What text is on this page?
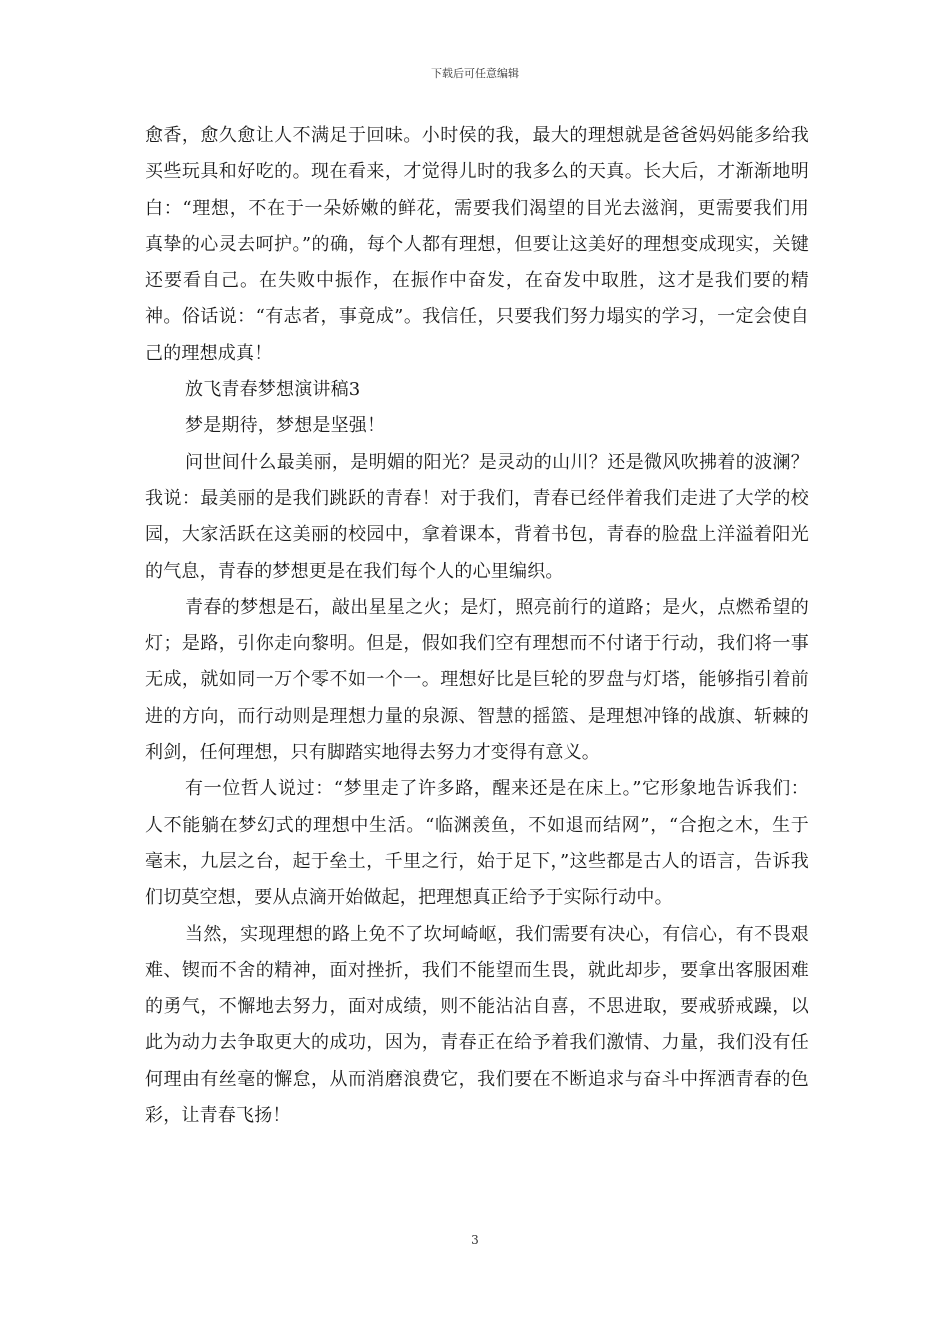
下载后可任意编辑

愈香，愈久愈让人不满足于回味。小时侯的我，最大的理想就是爸爸妈妈能多给我买些玩具和好吃的。现在看来，才觉得儿时的我多么的天真。长大后，才渐渐地明白：“理想，不在于一朵娇嫩的鲜花，需要我们渴望的目光去滋润，更需要我们用真挚的心灵去呵护。”的确，每个人都有理想，但要让这美好的理想变成现实，关键还要看自己。在失败中振作，在振作中奋发，在奋发中取胜，这才是我们要的精神。俗话说：“有志者，事竟成”。我信任，只要我们努力塌实的学习，一定会使自己的理想成真！

放飞青春梦想演讲稿3

梦是期待，梦想是坚强！

问世间什么最美丽，是明媚的阳光？是灵动的山川？还是微风吹拂着的波澜？我说：最美丽的是我们跳跃的青春！对于我们，青春已经伴着我们走进了大学的校园，大家活跃在这美丽的校园中，拿着课本，背着书包，青春的脸盘上洋溢着阳光的气息，青春的梦想更是在我们每个人的心里编织。

青春的梦想是石，敲出星星之火；是灯，照亮前行的道路；是火，点燃希望的灯；是路，引你走向黎明。但是，假如我们空有理想而不付诸于行动，我们将一事无成，就如同一万个零不如一个一。理想好比是巨轮的罗盘与灯塔，能够指引着前进的方向，而行动则是理想力量的泉源、智慧的摇篮、是理想冲锋的战旗、斩棘的利剑，任何理想，只有脚踏实地得去努力才变得有意义。

有一位哲人说过：“梦里走了许多路，醒来还是在床上。”它形象地告诉我们：人不能躺在梦幻式的理想中生活。“临渊羡鱼，不如退而结网”，“合抱之木，生于毫末，九层之台，起于垒土，千里之行，始于足下，”这些都是古人的语言，告诉我们切莫空想，要从点滴开始做起，把理想真正给予于实际行动中。

当然，实现理想的路上免不了坎坷崎岖，我们需要有决心，有信心，有不畏艰难、锲而不舍的精神，面对挫折，我们不能望而生畏，就此却步，要拿出客服困难的勇气，不懈地去努力，面对成绩，则不能沾沾自喜，不思进取，要戒骄戒躁，以此为动力去争取更大的成功，因为，青春正在给予着我们激情、力量，我们没有任何理由有丝毫的懈怠，从而消磨浪费它，我们要在不断追求与奋斗中挥洒青春的色彩，让青春飞扬！

3
